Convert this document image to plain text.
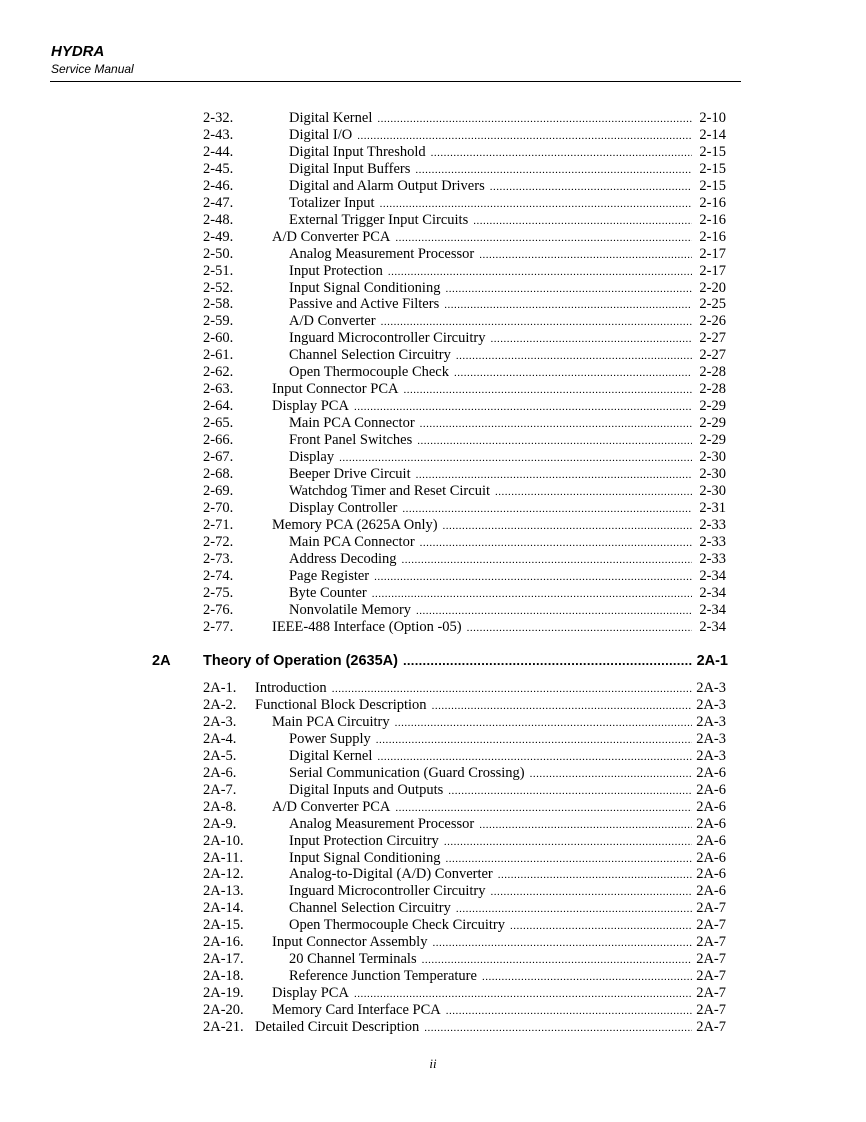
HYDRA
Service Manual
2-32.	Digital Kernel .....	2-10
2-43.	Digital I/O .....	2-14
2-44.	Digital Input Threshold .....	2-15
2-45.	Digital Input Buffers .....	2-15
2-46.	Digital and Alarm Output Drivers .....	2-15
2-47.	Totalizer Input .....	2-16
2-48.	External Trigger Input Circuits .....	2-16
2-49.	A/D Converter PCA .....	2-16
2-50.	Analog Measurement Processor .....	2-17
2-51.	Input Protection .....	2-17
2-52.	Input Signal Conditioning .....	2-20
2-58.	Passive and Active Filters .....	2-25
2-59.	A/D Converter .....	2-26
2-60.	Inguard Microcontroller Circuitry .....	2-27
2-61.	Channel Selection Circuitry .....	2-27
2-62.	Open Thermocouple Check .....	2-28
2-63.	Input Connector PCA .....	2-28
2-64.	Display PCA .....	2-29
2-65.	Main PCA Connector .....	2-29
2-66.	Front Panel Switches .....	2-29
2-67.	Display .....	2-30
2-68.	Beeper Drive Circuit .....	2-30
2-69.	Watchdog Timer and Reset Circuit .....	2-30
2-70.	Display Controller .....	2-31
2-71.	Memory PCA (2625A Only) .....	2-33
2-72.	Main PCA Connector .....	2-33
2-73.	Address Decoding .....	2-33
2-74.	Page Register .....	2-34
2-75.	Byte Counter .....	2-34
2-76.	Nonvolatile Memory .....	2-34
2-77.	IEEE-488 Interface (Option -05) .....	2-34
2A	Theory of Operation (2635A) .....	2A-1
2A-1.	Introduction .....	2A-3
2A-2.	Functional Block Description .....	2A-3
2A-3.	Main PCA Circuitry .....	2A-3
2A-4.	Power Supply .....	2A-3
2A-5.	Digital Kernel .....	2A-3
2A-6.	Serial Communication (Guard Crossing) .....	2A-6
2A-7.	Digital Inputs and Outputs .....	2A-6
2A-8.	A/D Converter PCA .....	2A-6
2A-9.	Analog Measurement Processor .....	2A-6
2A-10.	Input Protection Circuitry .....	2A-6
2A-11.	Input Signal Conditioning .....	2A-6
2A-12.	Analog-to-Digital (A/D) Converter .....	2A-6
2A-13.	Inguard Microcontroller Circuitry .....	2A-6
2A-14.	Channel Selection Circuitry .....	2A-7
2A-15.	Open Thermocouple Check Circuitry .....	2A-7
2A-16.	Input Connector Assembly .....	2A-7
2A-17.	20 Channel Terminals .....	2A-7
2A-18.	Reference Junction Temperature .....	2A-7
2A-19.	Display PCA .....	2A-7
2A-20.	Memory Card Interface PCA .....	2A-7
2A-21. Detailed Circuit Description .....	2A-7
ii
